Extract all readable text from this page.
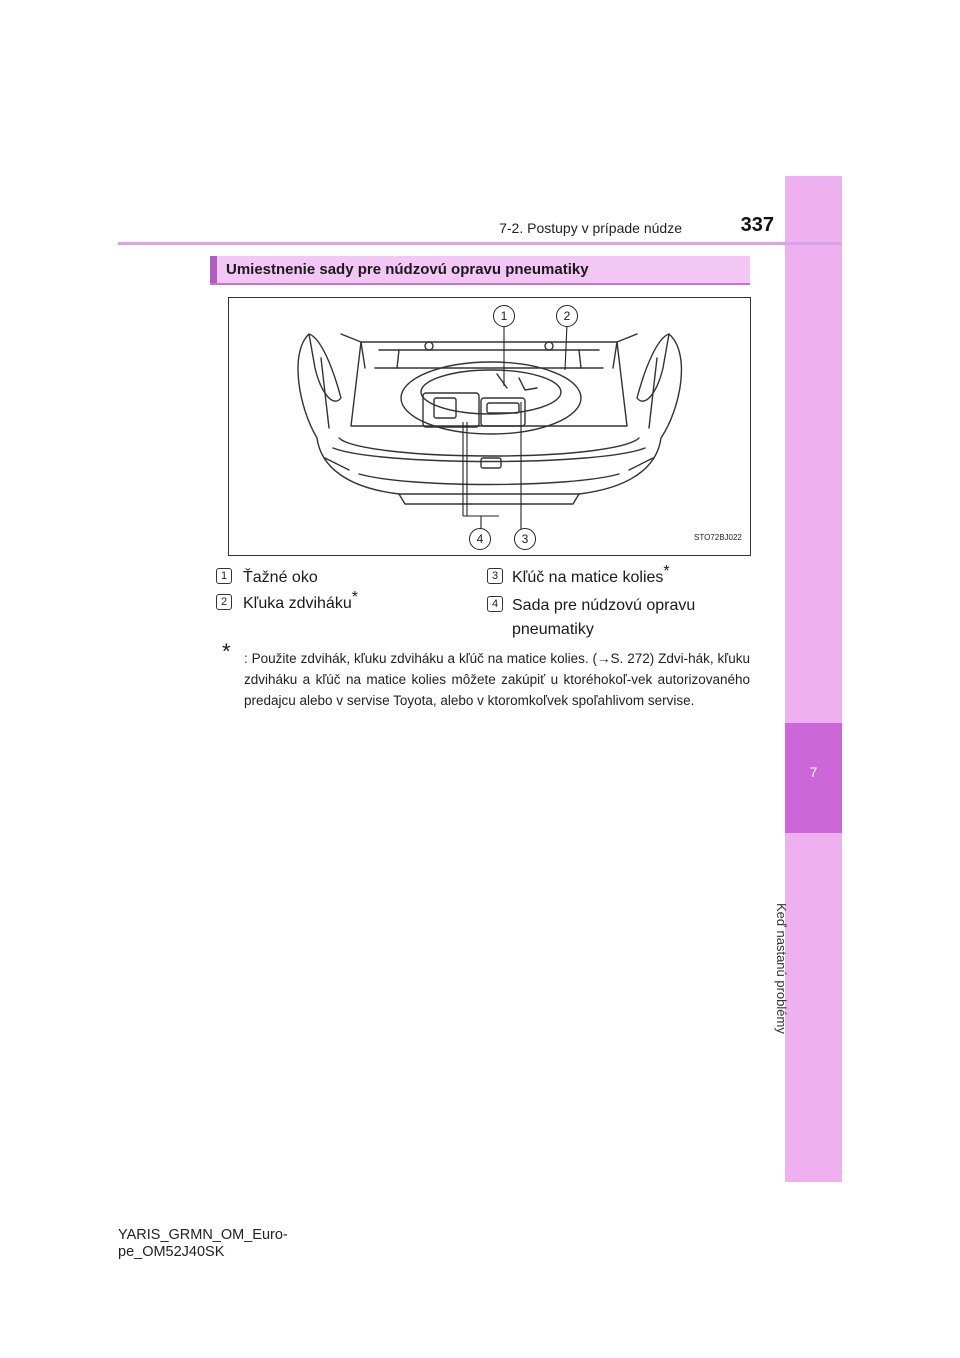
7
Keď nastanú problémy
7-2. Postupy v prípade núdze	337
Umiestnenie sady pre núdzovú opravu pneumatiky
1	2
3
4	STO72BJ022
1 Ťažné oko
2 Kľuka zdviháku*
3 Kľúč na matice kolies*
4 Sada pre núdzovú opravu
pneumatiky
* : Použite zdvihák, kľuku zdviháku a kľúč na matice kolies. (→S. 272) Zdvi-hák, kľuku zdviháku a kľúč na matice kolies môžete zakúpiť u ktoréhokoľ-vek autorizovaného predajcu alebo v servise Toyota, alebo v ktoromkoľvek spoľahlivom servise.
YARIS_GRMN_OM_Euro-
pe_OM52J40SK
